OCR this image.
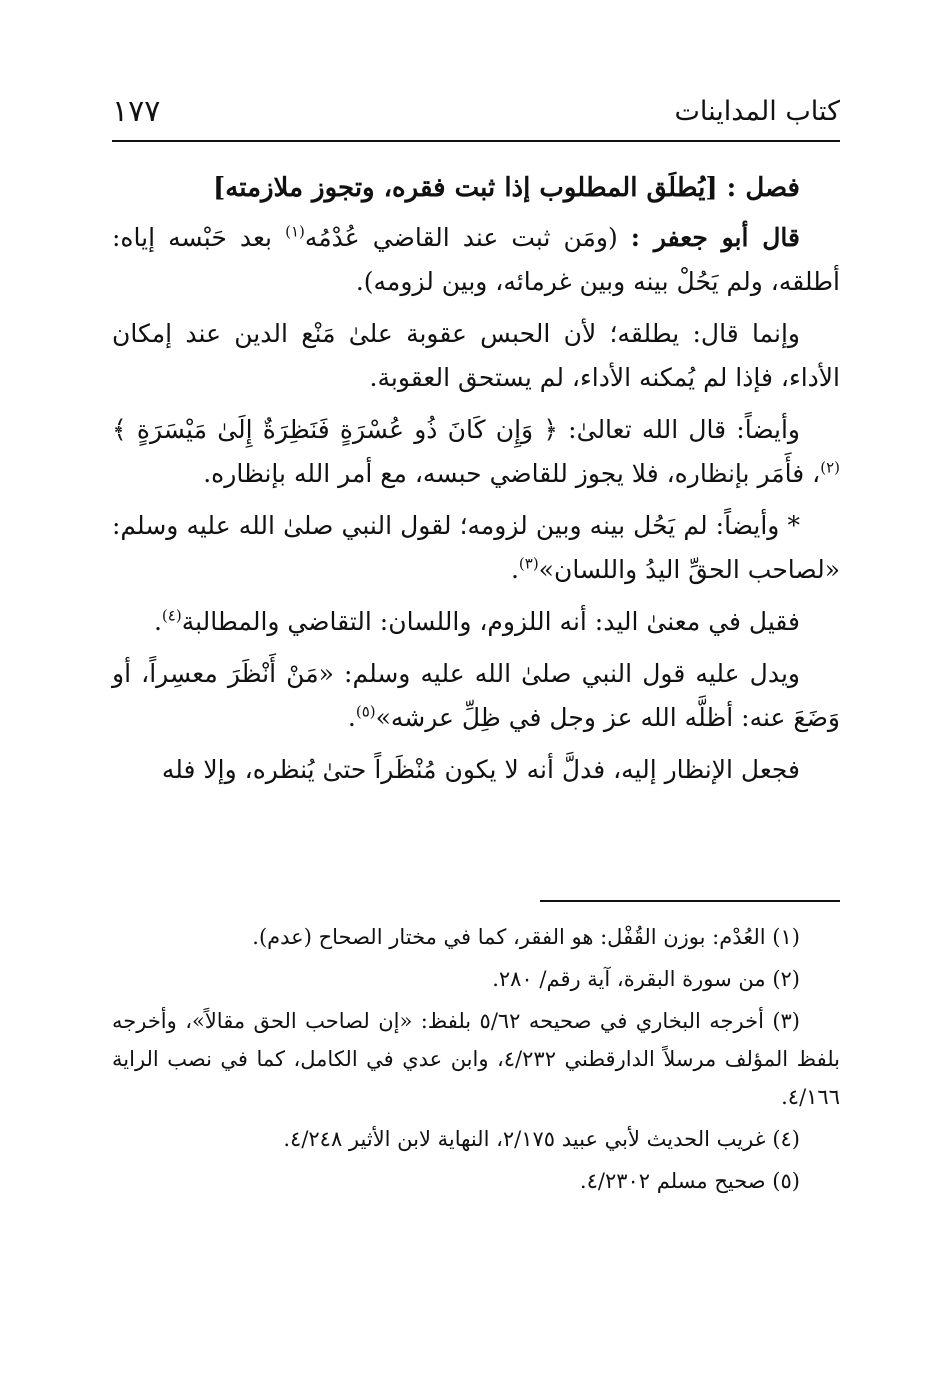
كتاب المداينات
١٧٧

فصل : [يُطلَق المطلوب إذا ثبت فقره، وتجوز ملازمته]

قال أبو جعفر : (ومَن ثبت عند القاضي عُدْمُه$^{(١)}$ بعد حَبْسه إياه: أطلقه، ولم يَحُلْ بينه وبين غرمائه، وبين لزومه).

وإنما قال: يطلقه؛ لأن الحبس عقوبة علىٰ مَنْع الدين عند إمكان الأداء، فإذا لم يُمكنه الأداء، لم يستحق العقوبة.

وأيضاً: قال الله تعالىٰ: ﴿ وَإِن كَانَ ذُو عُسْرَةٍ فَنَظِرَةٌ إِلَىٰ مَيْسَرَةٍ ﴾$^{(٢)}$، فأَمَر بإنظاره، فلا يجوز للقاضي حبسه، مع أمر الله بإنظاره.

* وأيضاً: لم يَحُل بينه وبين لزومه؛ لقول النبي صلىٰ الله عليه وسلم: «لصاحب الحقِّ اليدُ واللسان»$^{(٣)}$.

فقيل في معنىٰ اليد: أنه اللزوم، واللسان: التقاضي والمطالبة$^{(٤)}$.

ويدل عليه قول النبي صلىٰ الله عليه وسلم: «مَنْ أَنْظَرَ معسِراً، أو وَضَعَ عنه: أظلَّه الله عز وجل في ظِلِّ عرشه»$^{(٥)}$.

فجعل الإنظار إليه، فدلَّ أنه لا يكون مُنْظَراً حتىٰ يُنظره، وإلا فله

(١) العُدْم: بوزن القُفْل: هو الفقر، كما في مختار الصحاح (عدم).

(٢) من سورة البقرة، آية رقم/ ٢٨٠.

(٣) أخرجه البخاري في صحيحه ٥/٦٢ بلفظ: «إن لصاحب الحق مقالاً»، وأخرجه بلفظ المؤلف مرسلاً الدارقطني ٤/٢٣٢، وابن عدي في الكامل، كما في نصب الراية ٤/١٦٦.

(٤) غريب الحديث لأبي عبيد ٢/١٧٥، النهاية لابن الأثير ٤/٢٤٨.

(٥) صحيح مسلم ٤/٢٣٠٢.
